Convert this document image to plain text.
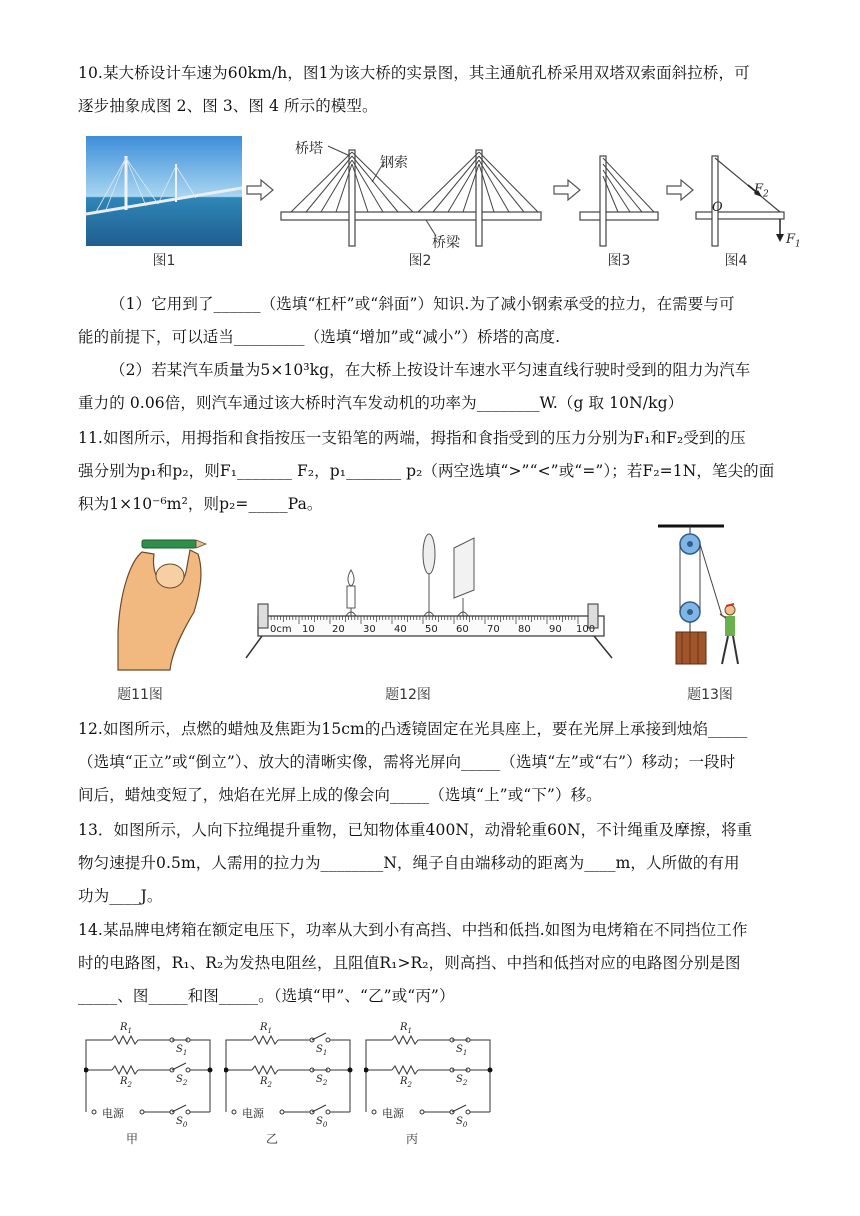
10.某大桥设计车速为60km/h，图1为该大桥的实景图，其主通航孔桥采用双塔双索面斜拉桥，可
逐步抽象成图 2、图 3、图 4 所示的模型。
图1
桥塔
钢索
桥梁
图2	图3
O
$F_2$
$F_1$
图4
（1）它用到了______（选填“杠杆”或“斜面”）知识.为了减小钢索承受的拉力，在需要与可
能的前提下，可以适当_________（选填“增加”或“减小”）桥塔的高度.
（2）若某汽车质量为5×10³kg，在大桥上按设计车速水平匀速直线行驶时受到的阻力为汽车
重力的 0.06倍，则汽车通过该大桥时汽车发动机的功率为________W.（g 取 10N/kg）
11.如图所示，用拇指和食指按压一支铅笔的两端，拇指和食指受到的压力分别为F₁和F₂受到的压
强分别为p₁和p₂，则F₁_______ F₂，p₁_______ p₂（两空选填“>”“<”或“=”）；若F₂=1N，笔尖的面
积为1×10⁻⁶m²，则p₂=_____Pa。
题11图
0cm 10 20 30 40 50 60 70 80 90 100
题12图	题13图
12.如图所示，点燃的蜡烛及焦距为15cm的凸透镜固定在光具座上，要在光屏上承接到烛焰_____
（选填“正立”或“倒立”）、放大的清晰实像，需将光屏向_____（选填“左”或“右”）移动；一段时
间后，蜡烛变短了，烛焰在光屏上成的像会向_____（选填“上”或“下”）移。
13．如图所示，人向下拉绳提升重物，已知物体重400N，动滑轮重60N，不计绳重及摩擦，将重
物匀速提升0.5m，人需用的拉力为________N，绳子自由端移动的距离为____m，人所做的有用
功为____J。
14.某品牌电烤箱在额定电压下，功率从大到小有高挡、中挡和低挡.如图为电烤箱在不同挡位工作
时的电路图，R₁、R₂为发热电阻丝，且阻值R₁>R₂，则高挡、中挡和低挡对应的电路图分别是图
_____、图_____和图_____。（选填“甲”、“乙”或“丙”）
$R_1$
$S_1$
$R_2$	$S_2$
$S_0$
电源
甲
$R_1$
$S_1$
$R_2$	$S_2$
$S_0$
电源
乙
$R_1$
$S_1$
$R_2$	$S_2$
$S_0$
电源
丙
